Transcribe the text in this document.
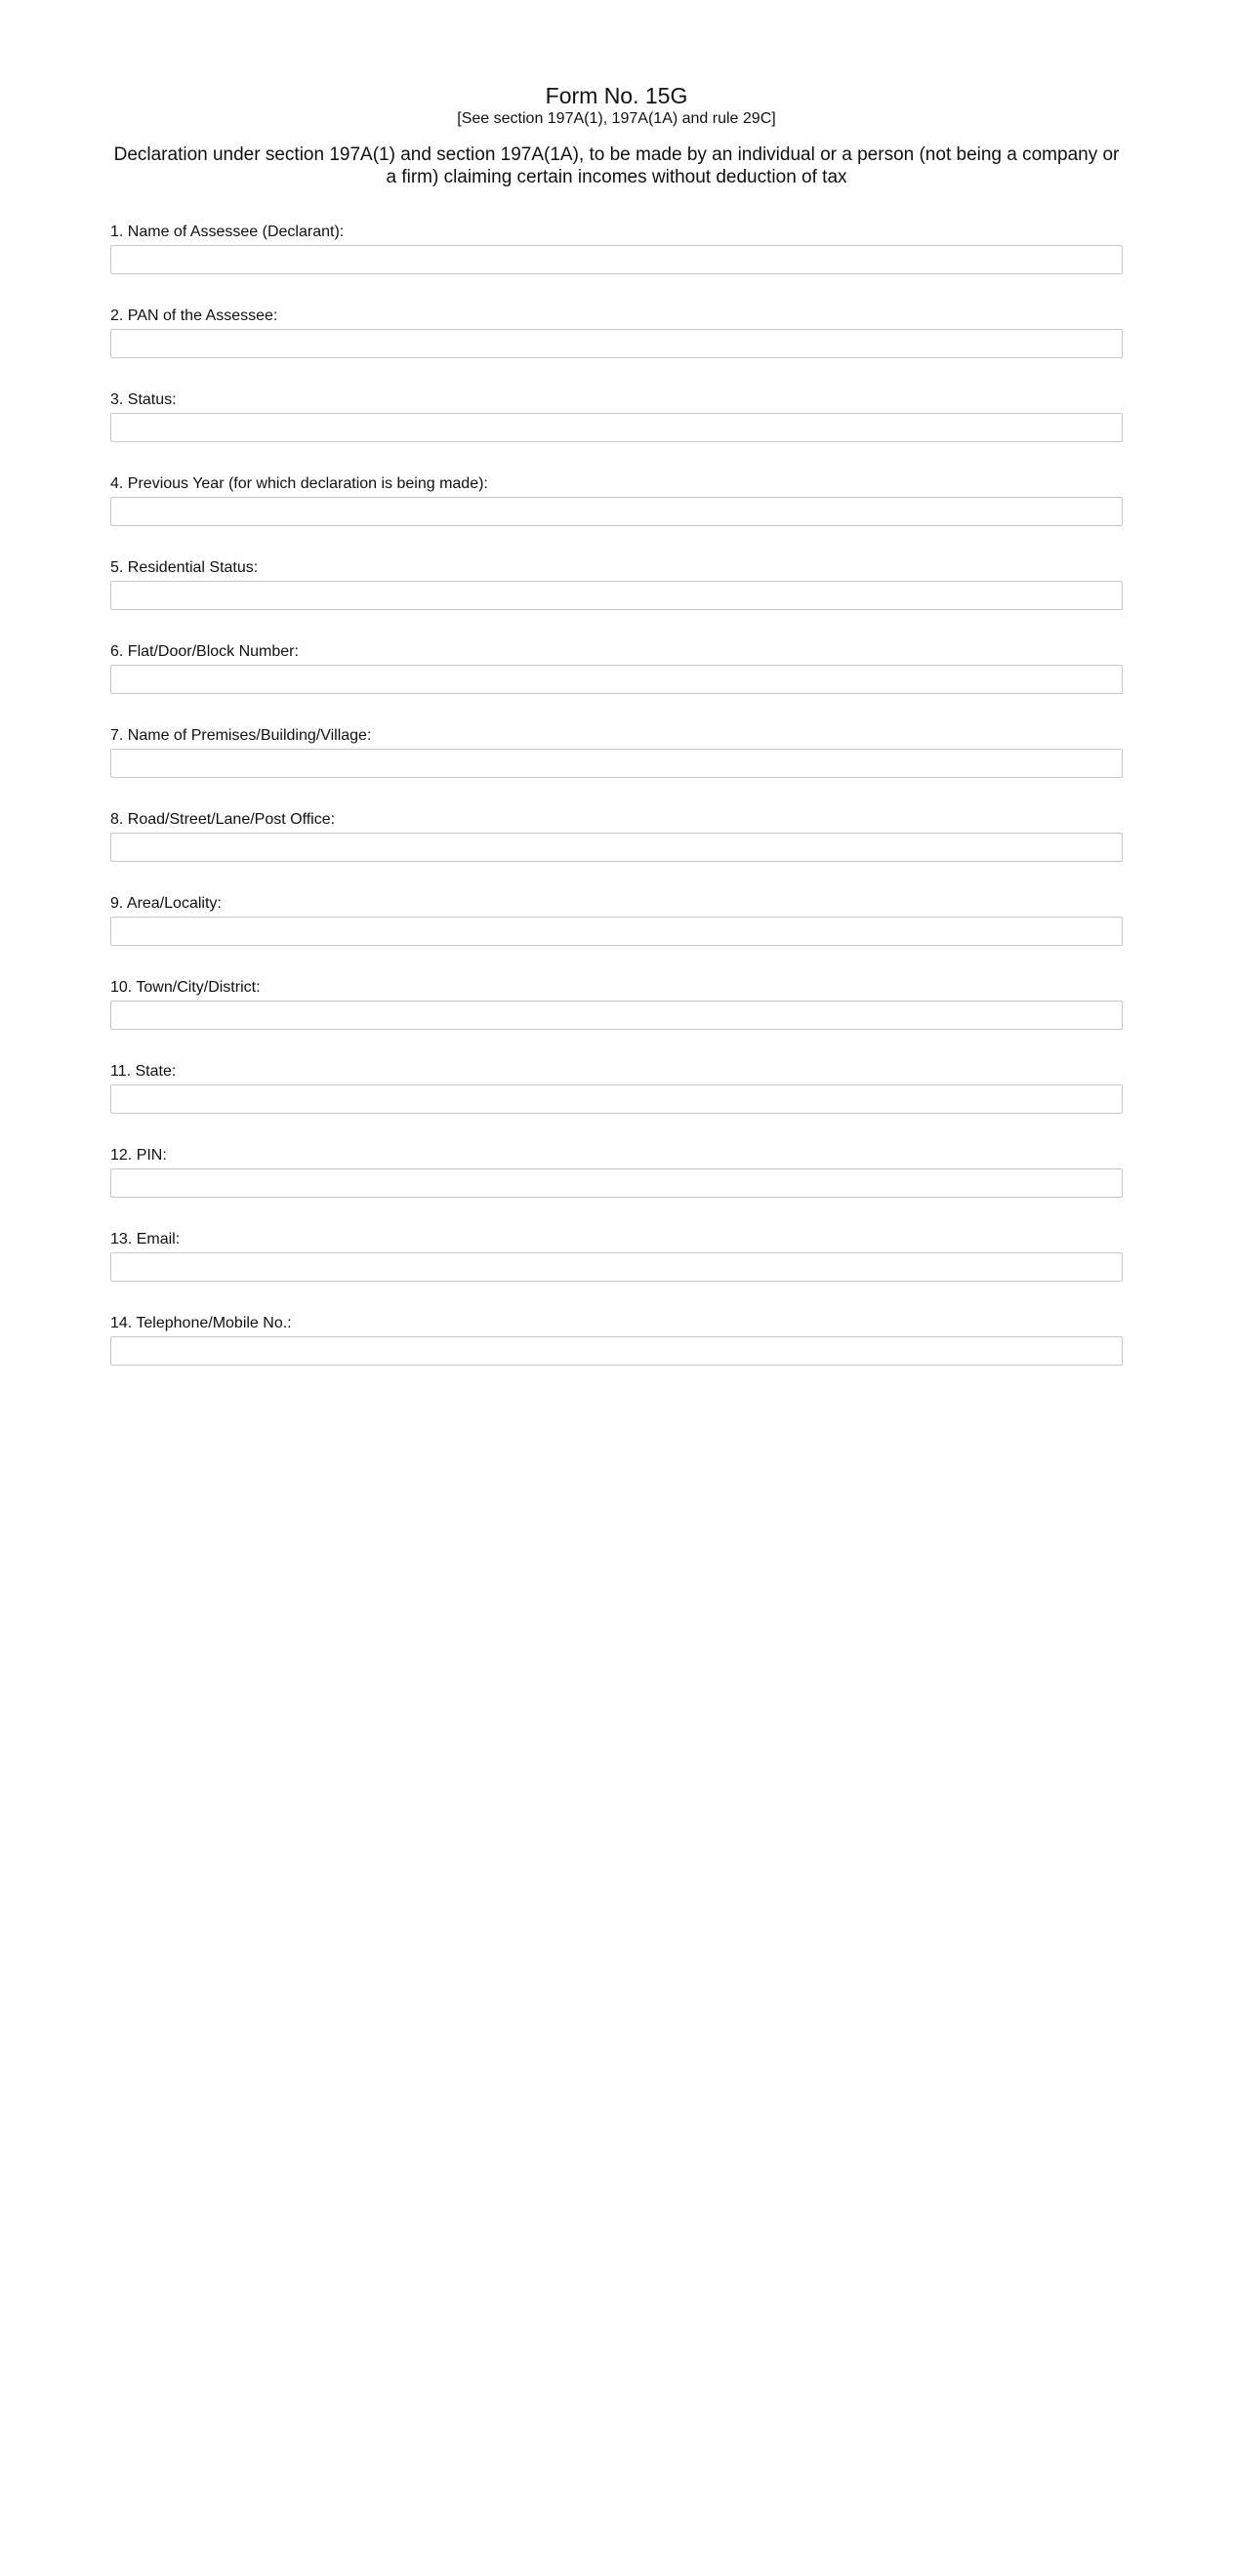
Form No. 15G

[See section 197A(1), 197A(1A) and rule 29C]

Declaration under section 197A(1) and section 197A(1A), to be made by an individual or a person (not being a company or a firm) claiming certain incomes without deduction of tax

1. Name of Assessee (Declarant):
2. PAN of the Assessee:
3. Status:
4. Previous Year (for which declaration is being made):
5. Residential Status:
6. Flat/Door/Block Number:
7. Name of Premises/Building/Village:
8. Road/Street/Lane/Post Office:
9. Area/Locality:
10. Town/City/District:
11. State:
12. PIN:
13. Email:
14. Telephone/Mobile No.:
